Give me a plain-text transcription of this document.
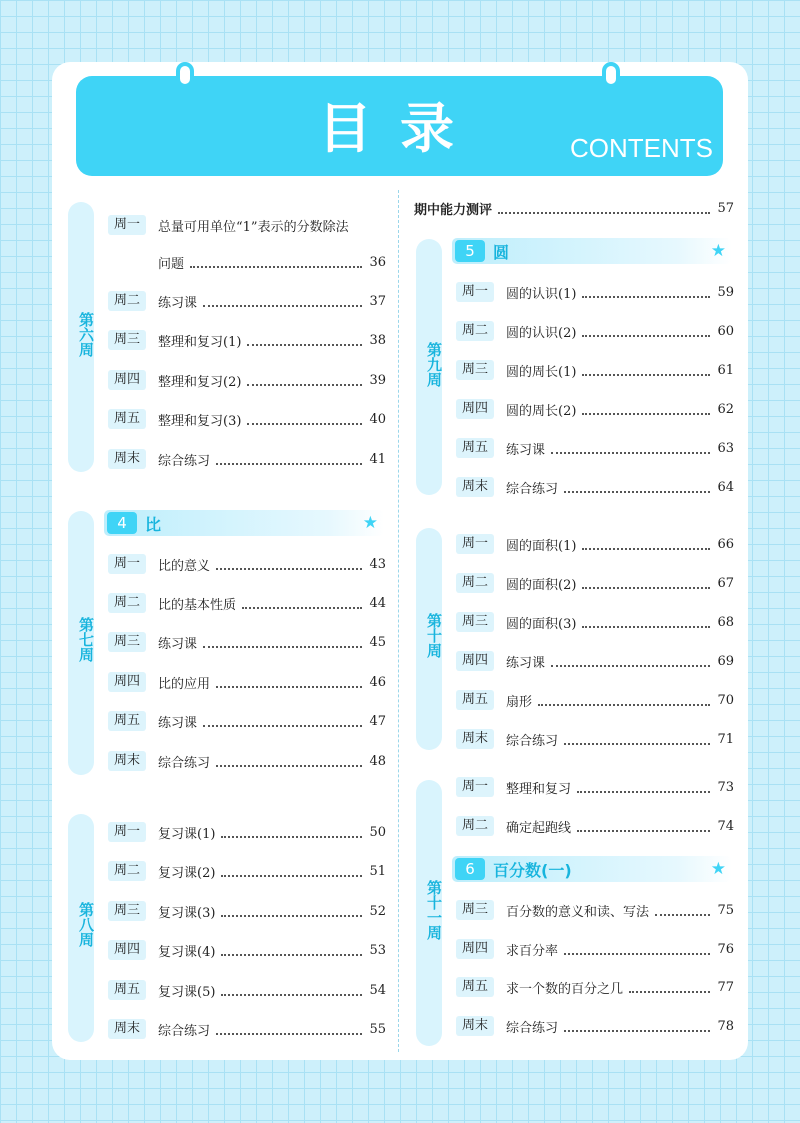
目录	CONTENTS
第六周
第七周
第八周
第九周
第十周
第十一周
4	比	★
5	圆	★
6	百分数(一)	★
期中能力测评	57
周一	总量可用单位“1”表示的分数除法
问题	36
周二	练习课	37
周三	整理和复习(1)	38
周四	整理和复习(2)	39
周五	整理和复习(3)	40
周末	综合练习	41
周一	比的意义	43
周二	比的基本性质	44
周三	练习课	45
周四	比的应用	46
周五	练习课	47
周末	综合练习	48
周一	复习课(1)	50
周二	复习课(2)	51
周三	复习课(3)	52
周四	复习课(4)	53
周五	复习课(5)	54
周末	综合练习	55
周一	圆的认识(1)	59
周二	圆的认识(2)	60
周三	圆的周长(1)	61
周四	圆的周长(2)	62
周五	练习课	63
周末	综合练习	64
周一	圆的面积(1)	66
周二	圆的面积(2)	67
周三	圆的面积(3)	68
周四	练习课	69
周五	扇形	70
周末	综合练习	71
周一	整理和复习	73
周二	确定起跑线	74
周三	百分数的意义和读、写法	75
周四	求百分率	76
周五	求一个数的百分之几	77
周末	综合练习	78
